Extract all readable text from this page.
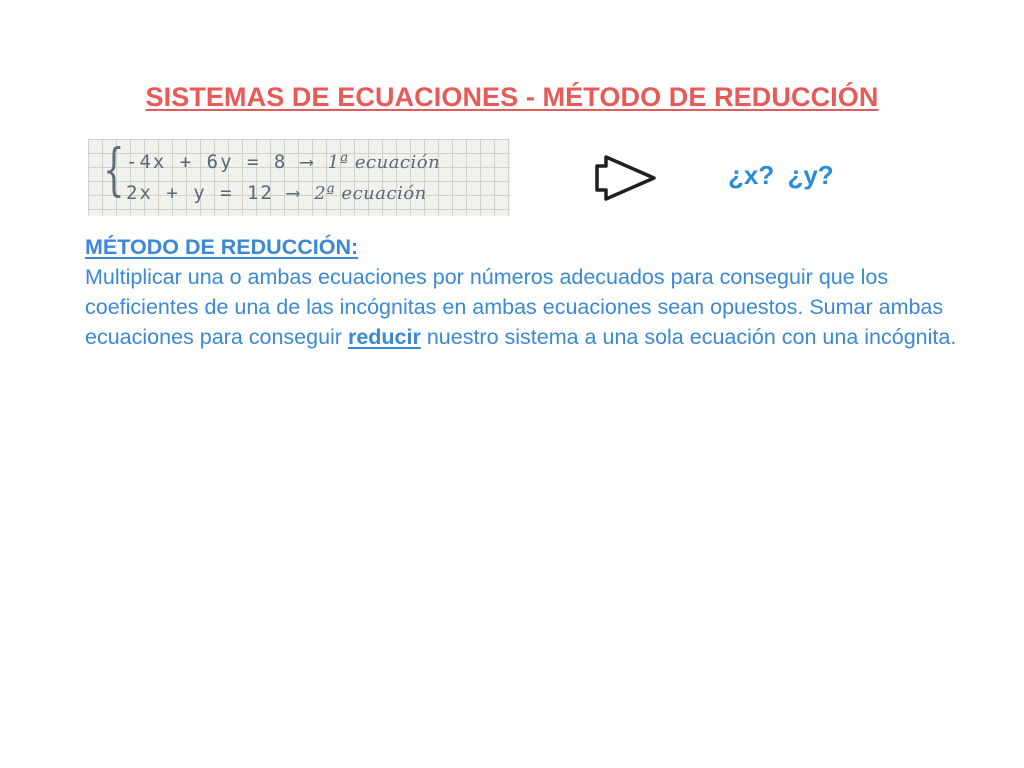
SISTEMAS DE ECUACIONES - MÉTODO DE REDUCCIÓN
{ -4x + 6y = 8 ⟶ 1ª ecuación
2x + y = 12 ⟶ 2ª ecuación
¿x? ¿y?
MÉTODO DE REDUCCIÓN:
Multiplicar una o ambas ecuaciones por números adecuados para conseguir que los coeficientes de una de las incógnitas en ambas ecuaciones sean opuestos. Sumar ambas ecuaciones para conseguir reducir nuestro sistema a una sola ecuación con una incógnita.
